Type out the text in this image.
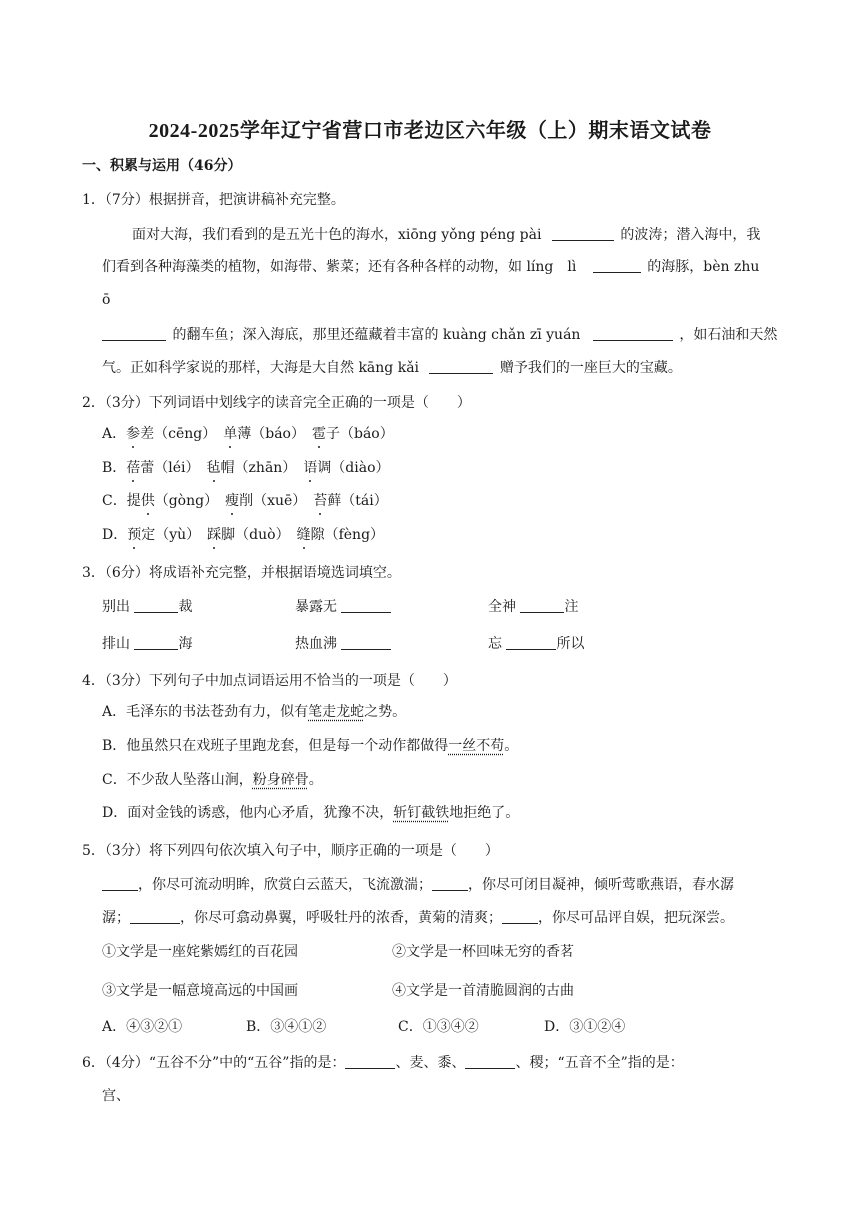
2024-2025学年辽宁省营口市老边区六年级（上）期末语文试卷
一、积累与运用（46分）
1．（7分）根据拼音，把演讲稿补充完整。
面对大海，我们看到的是五光十色的海水，xiōng yǒng péng pài	的波涛；潜入海中，我
们看到各种海藻类的植物，如海带、紫菜；还有各种各样的动物，如 líng　lì	的海豚，bèn zhu
ō
的翻车鱼；深入海底，那里还蕴藏着丰富的 kuàng chǎn zī yuán	，如石油和天然
气。正如科学家说的那样，大海是大自然 kāng kǎi	赠予我们的一座巨大的宝藏。
2．（3分）下列词语中划线字的读音完全正确的一项是（　　）
A．参差（cēng）　 单薄（báo）　 雹子（báo）
B．蓓蕾（léi）　 毡帽（zhān）　 语调（diào）
C．提供（gòng）　 瘦削（xuē）　 苔藓（tái）
D．预定（yù）　 踩脚（duò）　 缝隙（fèng）
3．（6分）将成语补充完整，并根据语境选词填空。
别出	裁	暴露无	全神	注
排山	海	热血沸	忘	所以
4．（3分）下列句子中加点词语运用不恰当的一项是（　　）
A．毛泽东的书法苍劲有力，似有笔走龙蛇之势。
B．他虽然只在戏班子里跑龙套，但是每一个动作都做得一丝不苟。
C．不少敌人坠落山涧，粉身碎骨。
D．面对金钱的诱惑，他内心矛盾，犹豫不决，斩钉截铁地拒绝了。
5．（3分）将下列四句依次填入句子中，顺序正确的一项是（　　）
，你尽可流动明眸，欣赏白云蓝天，飞流激湍；	，你尽可闭目凝神，倾听莺歌燕语，春水潺
潺；	，你尽可翕动鼻翼，呼吸牡丹的浓香，黄菊的清爽；	，你尽可品评自娱，把玩深尝。
①文学是一座姹紫嫣红的百花园	②文学是一杯回味无穷的香茗
③文学是一幅意境高远的中国画	④文学是一首清脆圆润的古曲
A．④③②①	B．③④①②	C．①③④②	D．③①②④
6．（4分）“五谷不分”中的“五谷”指的是：	、麦、黍、	、稷；“五音不全”指的是：
宫、
